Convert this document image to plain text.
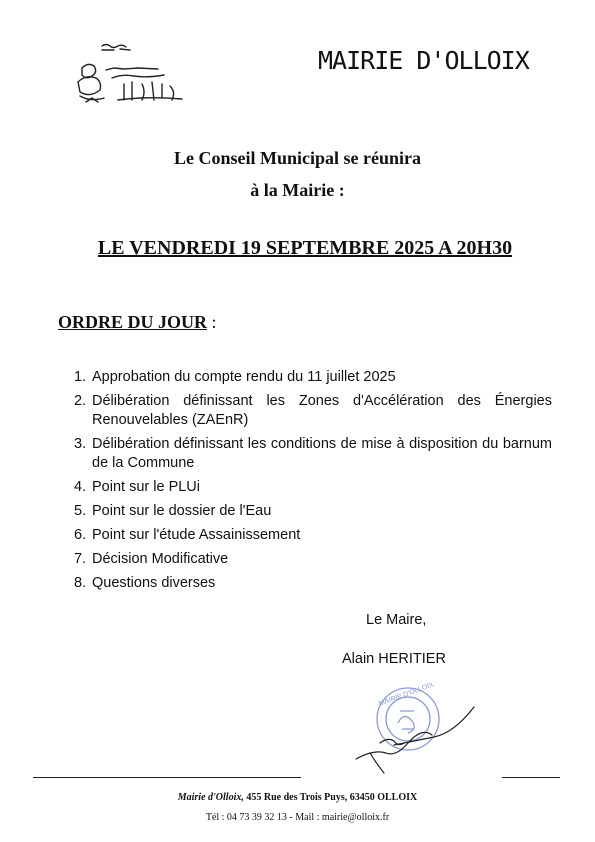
MAIRIE D'OLLOIX
Le Conseil Municipal se réunira
à la Mairie :
LE VENDREDI 19 SEPTEMBRE 2025 A 20H30
ORDRE DU JOUR :
1. Approbation du compte rendu du 11 juillet 2025
2. Délibération définissant les Zones d'Accélération des Énergies Renouvelables (ZAEnR)
3. Délibération définissant les conditions de mise à disposition du barnum de la Commune
4. Point sur le PLUi
5. Point sur le dossier de l'Eau
6. Point sur l'étude Assainissement
7. Décision Modificative
8. Questions diverses
Le Maire,
Alain HERITIER
MAIRIE D'OLLOIX
Mairie d'Olloix, 455 Rue des Trois Puys, 63450 OLLOIX
Tél : 04 73 39 32 13 - Mail : mairie@olloix.fr
